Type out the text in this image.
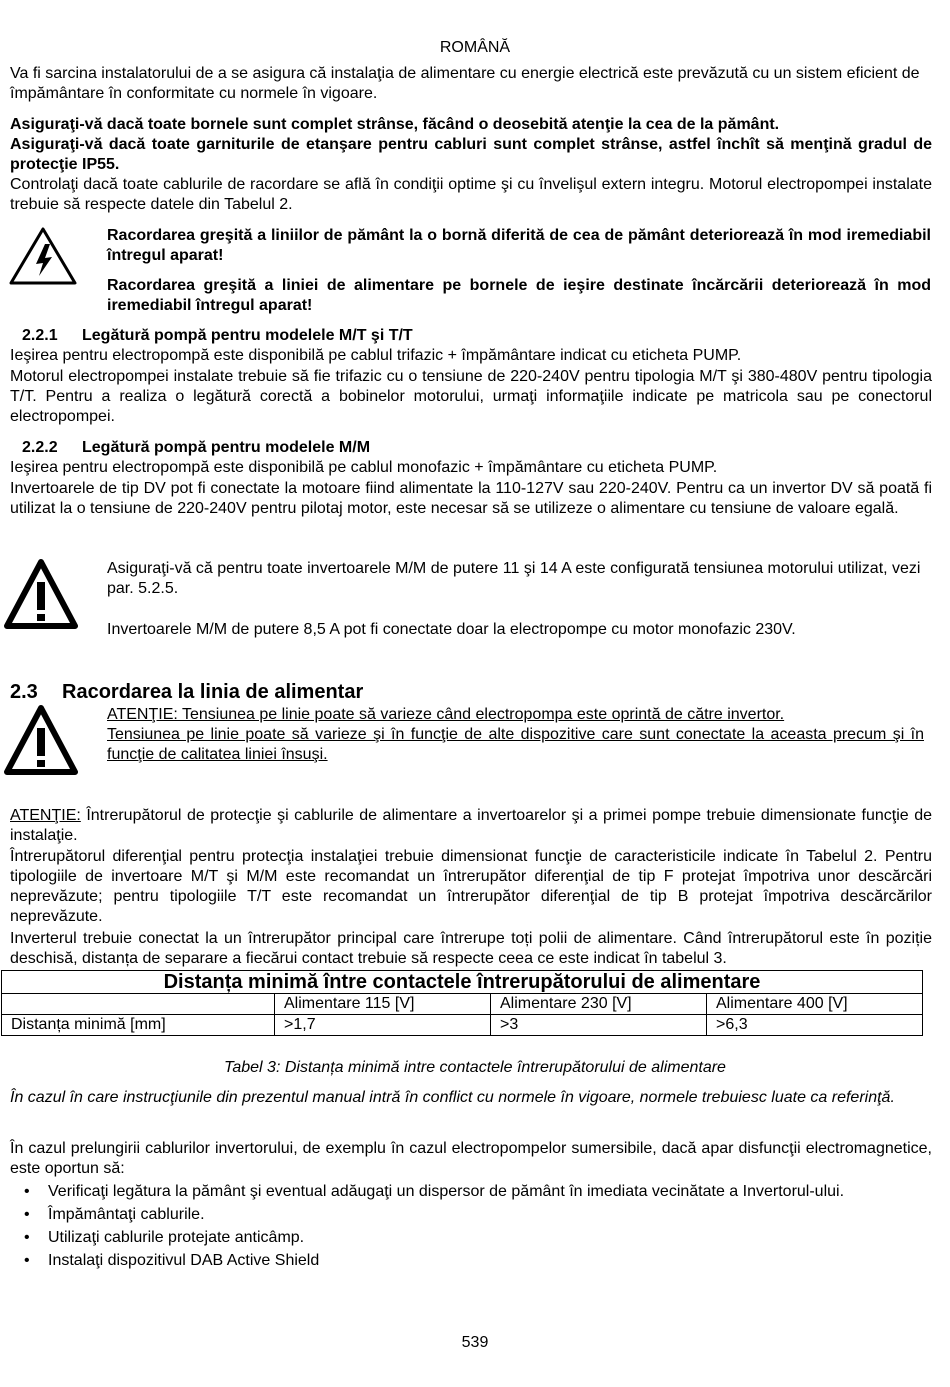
ROMÂNĂ

Va fi sarcina instalatorului de a se asigura că instalaţia de alimentare cu energie electrică este prevăzută cu un sistem eficient de împământare în conformitate cu normele în vigoare.

Asiguraţi-vă dacă toate bornele sunt complet strânse, făcând o deosebită atenţie la cea de la pământ.

Asiguraţi-vă dacă toate garniturile de etanşare pentru cabluri sunt complet strânse, astfel închît să menţină gradul de protecţie IP55.

Controlaţi dacă toate cablurile de racordare se află în condiţii optime şi cu învelişul extern integru. Motorul electropompei instalate trebuie să respecte datele din Tabelul 2.

Racordarea greşită a liniilor de pământ la o bornă diferită de cea de pământ deteriorează în mod iremediabil întregul aparat!

Racordarea greşită a liniei de alimentare pe bornele de ieşire destinate încărcării deteriorează în mod iremediabil întregul aparat!

2.2.1 Legătură pompă pentru modelele M/T şi T/T

Ieşirea pentru electropompă este disponibilă pe cablul trifazic + împământare indicat cu eticheta PUMP.

Motorul electropompei instalate trebuie să fie trifazic cu o tensiune de 220-240V pentru tipologia M/T şi 380-480V pentru tipologia T/T. Pentru a realiza o legătură corectă a bobinelor motorului, urmaţi informaţiile indicate pe matricola sau pe conectorul electropompei.

2.2.2 Legătură pompă pentru modelele M/M

Ieşirea pentru electropompă este disponibilă pe cablul monofazic + împământare cu eticheta PUMP.

Invertoarele de tip DV pot fi conectate la motoare fiind alimentate la 110-127V sau 220-240V. Pentru ca un invertor DV să poată fi utilizat la o tensiune de 220-240V pentru pilotaj motor, este necesar să se utilizeze o alimentare cu tensiune de valoare egală.

Asiguraţi-vă că pentru toate invertoarele M/M de putere 11 şi 14 A este configurată tensiunea motorului utilizat, vezi par. 5.2.5.

Invertoarele M/M de putere 8,5 A pot fi conectate doar la electropompe cu motor monofazic 230V.

2.3 Racordarea la linia de alimentar

ATENŢIE: Tensiunea pe linie poate să varieze când electropompa este oprintă de către invertor.

Tensiunea pe linie poate să varieze şi în funcţie de alte dispozitive care sunt conectate la aceasta precum şi în funcţie de calitatea liniei însuşi.

ATENŢIE: Întrerupătorul de protecţie şi cablurile de alimentare a invertoarelor şi a primei pompe trebuie dimensionate funcţie de instalaţie.

Întrerupătorul diferenţial pentru protecţia instalaţiei trebuie dimensionat funcţie de caracteristicile indicate în Tabelul 2. Pentru tipologiile de invertoare M/T şi M/M este recomandat un întrerupător diferenţial de tip F protejat împotriva unor descărcări neprevăzute; pentru tipologiile T/T este recomandat un întrerupător diferenţial de tip B protejat împotriva descărcărilor neprevăzute.

Inverterul trebuie conectat la un întrerupător principal care întrerupe toți polii de alimentare. Când întrerupătorul este în poziție deschisă, distanța de separare a fiecărui contact trebuie să respecte ceea ce este indicat în tabelul 3.

Distanța minimă între contactele întrerupătorului de alimentare			
	Alimentare 115 [V]	Alimentare 230 [V]	Alimentare 400 [V]
Distanța minimă [mm]	>1,7	>3	>6,3
Tabel 3: Distanța minimă intre contactele întrerupătorului de alimentare

În cazul în care instrucţiunile din prezentul manual intră în conflict cu normele în vigoare, normele trebuiesc luate ca referinţă.

În cazul prelungirii cablurilor invertorului, de exemplu în cazul electropompelor sumersibile, dacă apar disfuncţii electromagnetice, este oportun să:

• Verificaţi legătura la pământ şi eventual adăugaţi un dispersor de pământ în imediata vecinătate a Invertorul-ului.
• Împământaţi cablurile.
• Utilizaţi cablurile protejate anticâmp.
• Instalaţi dispozitivul DAB Active Shield
539
